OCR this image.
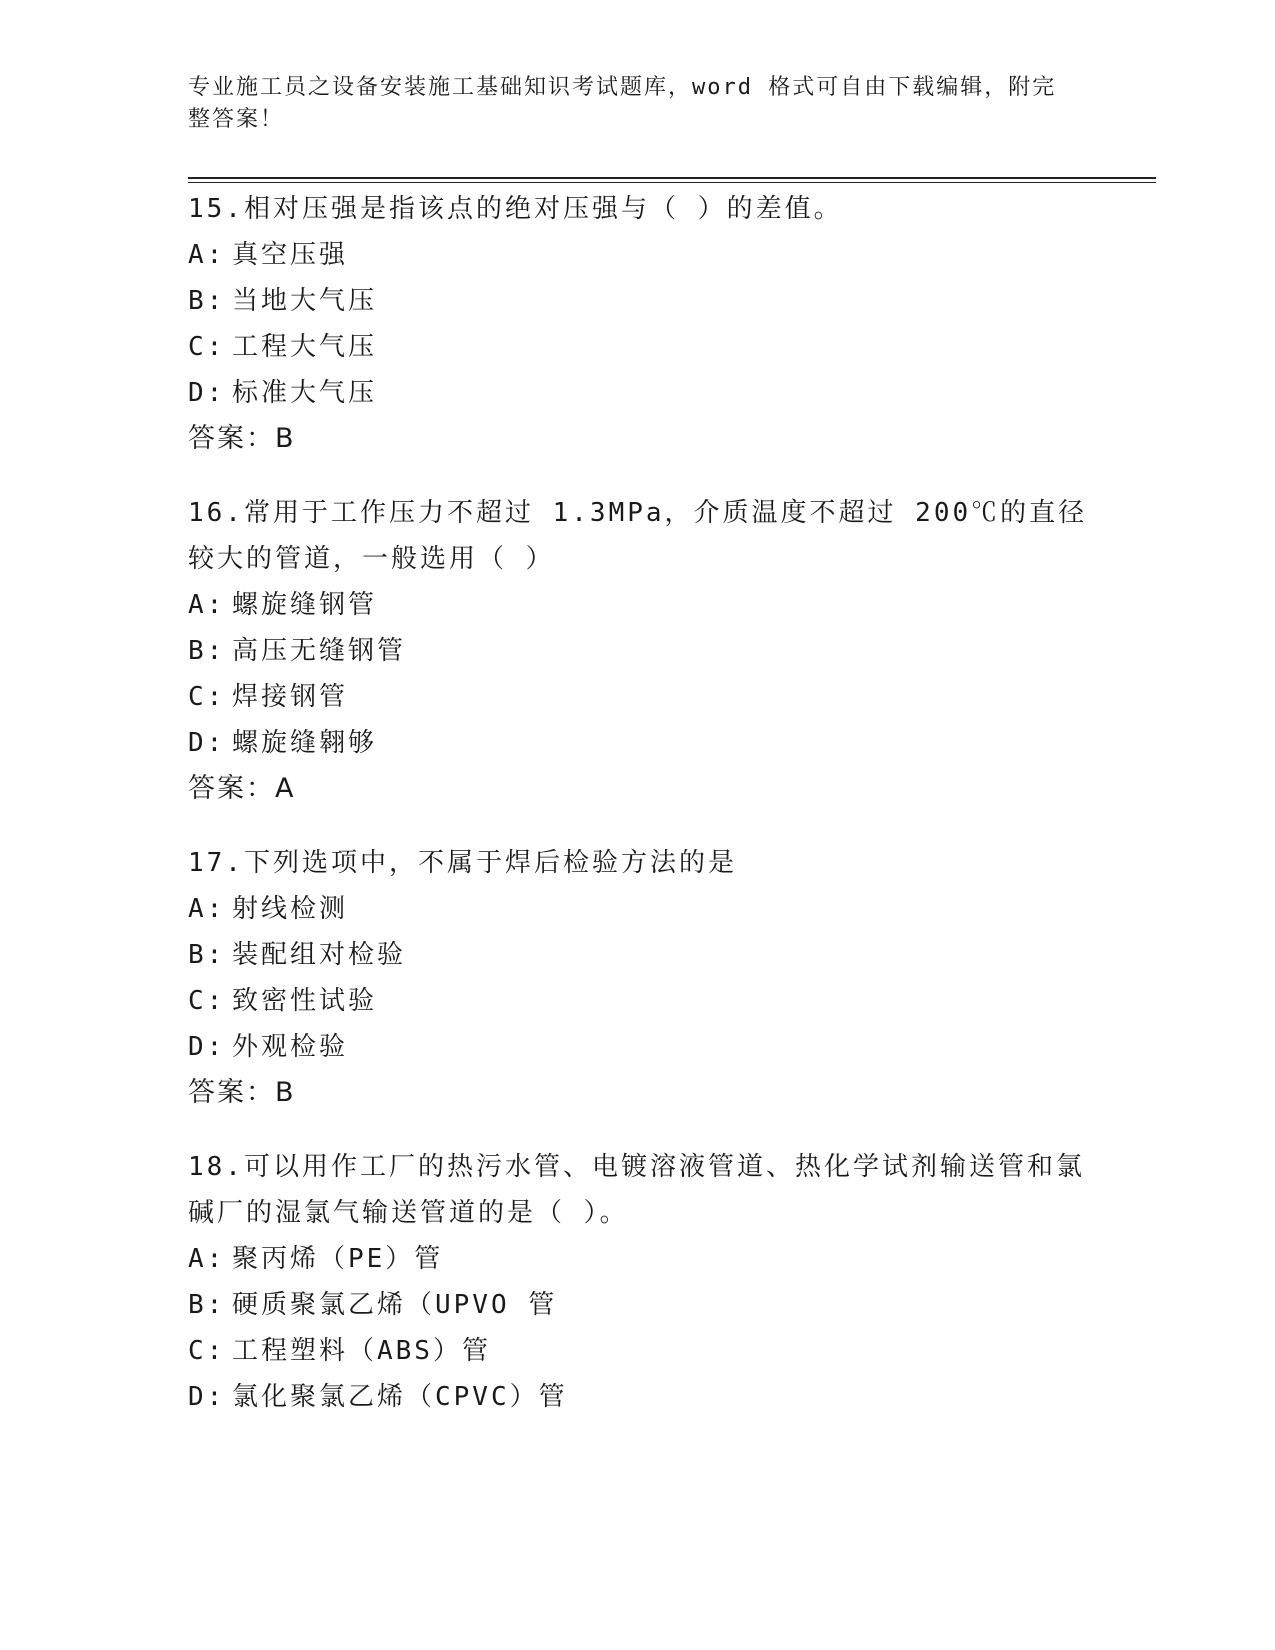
专业施工员之设备安装施工基础知识考试题库，word 格式可自由下载编辑，附完整答案！

15.相对压强是指该点的绝对压强与（ ）的差值。

A: 真空压强

B: 当地大气压

C: 工程大气压

D: 标准大气压

答案：B

16.常用于工作压力不超过 1.3MPa，介质温度不超过 200℃的直径较大的管道，一般选用（ ）

A: 螺旋缝钢管

B: 高压无缝钢管

C: 焊接钢管

D: 螺旋缝翱够

答案：A

17.下列选项中，不属于焊后检验方法的是

A: 射线检测

B: 装配组对检验

C: 致密性试验

D: 外观检验

答案：B

18.可以用作工厂的热污水管、电镀溶液管道、热化学试剂输送管和氯碱厂的湿氯气输送管道的是（ ）。

A: 聚丙烯（PE）管

B: 硬质聚氯乙烯（UPVO 管

C: 工程塑料（ABS）管

D: 氯化聚氯乙烯（CPVC）管
